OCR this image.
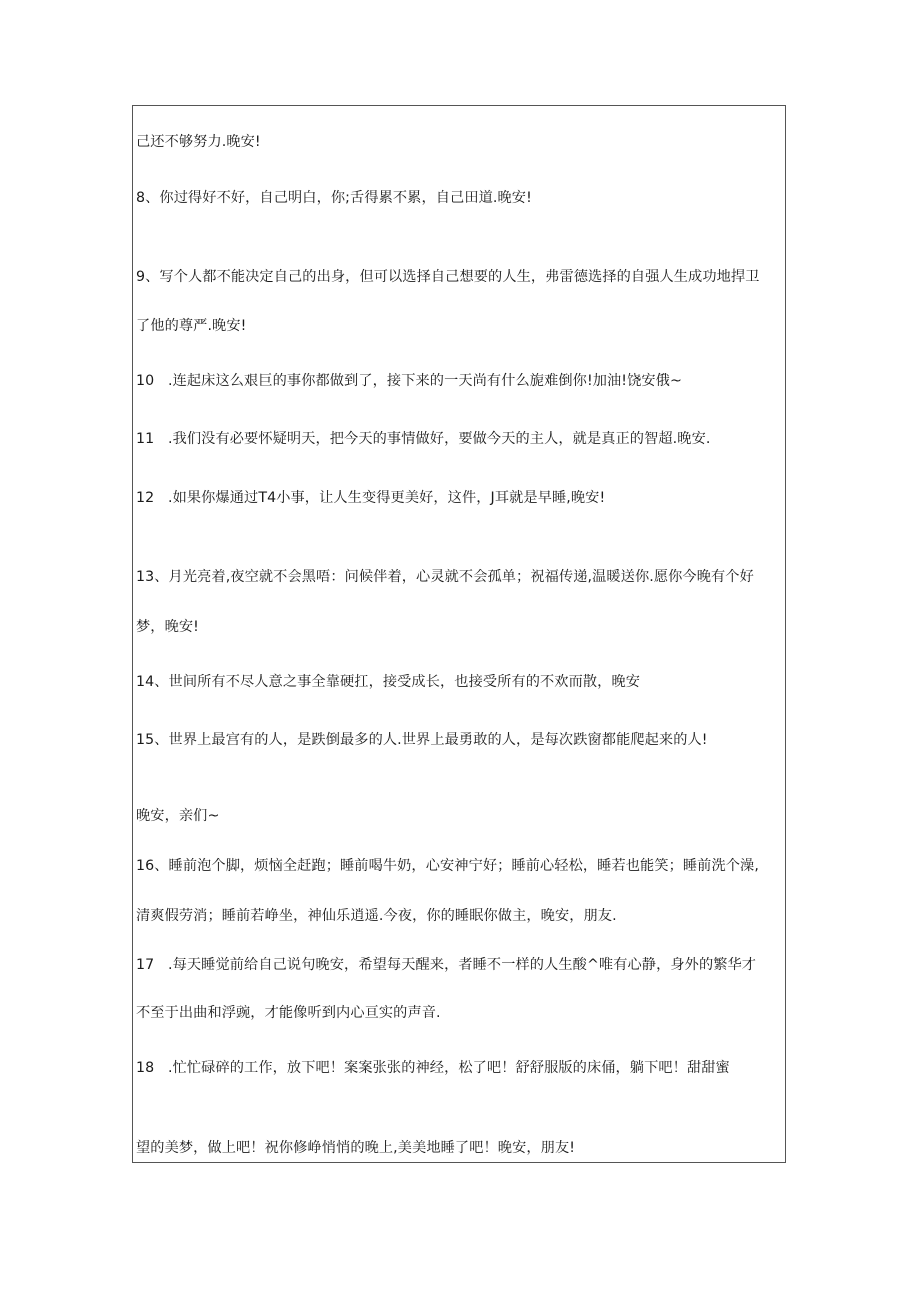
己还不够努力.晚安!
8、你过得好不好，自己明白，你;舌得累不累，自己田道.晚安!
9、写个人都不能决定自己的出身，但可以选择自己想要的人生，弗雷德选择的自强人生成功地捍卫
了他的尊严.晚安!
10 .连起床这么艰巨的事你都做到了，接下来的一天尚有什么旎难倒你!加油!饶安俄~
11 .我们没有必要怀疑明天，把今天的事情做好，要做今天的主人，就是真正的智超.晚安.
12 .如果你爆通过T4小事，让人生变得更美好，这件，J耳就是早睡,晚安!
13、月光亮着,夜空就不会黑唔：问候伴着，心灵就不会孤单；祝福传递,温暖送你.愿你今晚有个好
梦，晚安!
14、世间所有不尽人意之事全靠硬扛，接受成长，也接受所有的不欢而散，晚安
15、世界上最宫有的人，是跌倒最多的人.世界上最勇敢的人，是每次跌窗都能爬起来的人!
晚安，亲们~
16、睡前泡个脚，烦恼全赶跑；睡前喝牛奶，心安神宁好；睡前心轻松，睡若也能笑；睡前洗个澡,
清爽假劳消；睡前若峥坐，神仙乐逍遥.今夜，你的睡眠你做主，晚安，朋友.
17 .每天睡觉前给自己说句晚安，希望每天醒来，者睡不一样的人生酸^唯有心静，身外的繁华才
不至于出曲和浮豌，才能像听到内心亘实的声音.
18 .忙忙碌碎的工作，放下吧！案案张张的神经，松了吧！舒舒服版的床俑，躺下吧！甜甜蜜
望的美梦，做上吧！祝你修峥悄悄的晚上,美美地睡了吧！晚安，朋友!
